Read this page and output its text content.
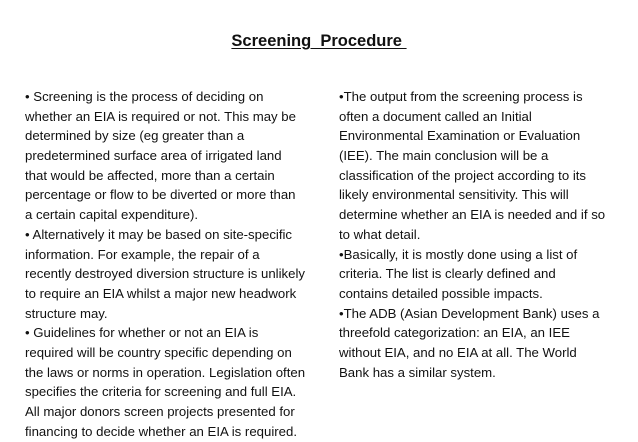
Screening  Procedure
• Screening is the process of deciding on
whether an EIA is required or not. This may be
determined by size (eg greater than a
predetermined surface area of irrigated land
that would be affected, more than a certain
percentage or flow to be diverted or more than
a certain capital expenditure).
• Alternatively it may be based on site-specific
information. For example, the repair of a
recently destroyed diversion structure is unlikely
to require an EIA whilst a major new headwork
structure may.
• Guidelines for whether or not an EIA is
required will be country specific depending on
the laws or norms in operation. Legislation often
specifies the criteria for screening and full EIA.
All major donors screen projects presented for
financing to decide whether an EIA is required.
•The output from the screening process is
often a document called an Initial
Environmental Examination or Evaluation
(IEE). The main conclusion will be a
classification of the project according to its
likely environmental sensitivity. This will
determine whether an EIA is needed and if so
to what detail.
•Basically, it is mostly done using a list of
criteria. The list is clearly defined and
contains detailed possible impacts.
•The ADB (Asian Development Bank) uses a
threefold categorization: an EIA, an IEE
without EIA, and no EIA at all. The World
Bank has a similar system.
